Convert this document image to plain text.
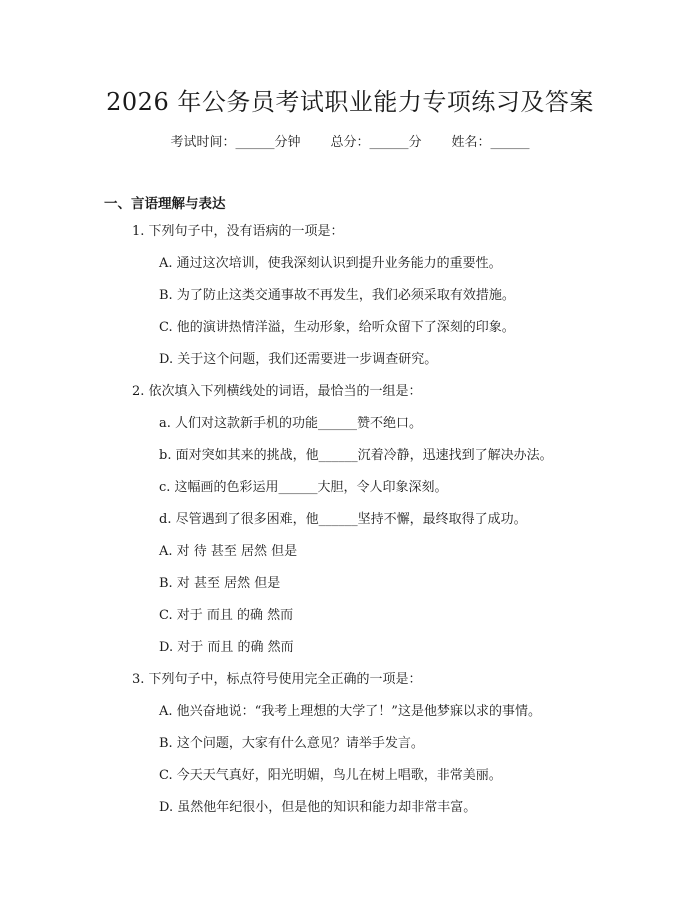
2026 年公务员考试职业能力专项练习及答案
考试时间：______分钟 总分：______分 姓名：______
一、言语理解与表达
1. 下列句子中，没有语病的一项是：
A. 通过这次培训，使我深刻认识到提升业务能力的重要性。
B. 为了防止这类交通事故不再发生，我们必须采取有效措施。
C. 他的演讲热情洋溢，生动形象，给听众留下了深刻的印象。
D. 关于这个问题，我们还需要进一步调查研究。
2. 依次填入下列横线处的词语，最恰当的一组是：
a. 人们对这款新手机的功能______赞不绝口。
b. 面对突如其来的挑战，他______沉着冷静，迅速找到了解决办法。
c. 这幅画的色彩运用______大胆，令人印象深刻。
d. 尽管遇到了很多困难，他______坚持不懈，最终取得了成功。
A. 对 待 甚至 居然 但是
B. 对 甚至 居然 但是
C. 对于 而且 的确 然而
D. 对于 而且 的确 然而
3. 下列句子中，标点符号使用完全正确的一项是：
A. 他兴奋地说：“我考上理想的大学了！”这是他梦寐以求的事情。
B. 这个问题，大家有什么意见？请举手发言。
C. 今天天气真好，阳光明媚，鸟儿在树上唱歌，非常美丽。
D. 虽然他年纪很小，但是他的知识和能力却非常丰富。
